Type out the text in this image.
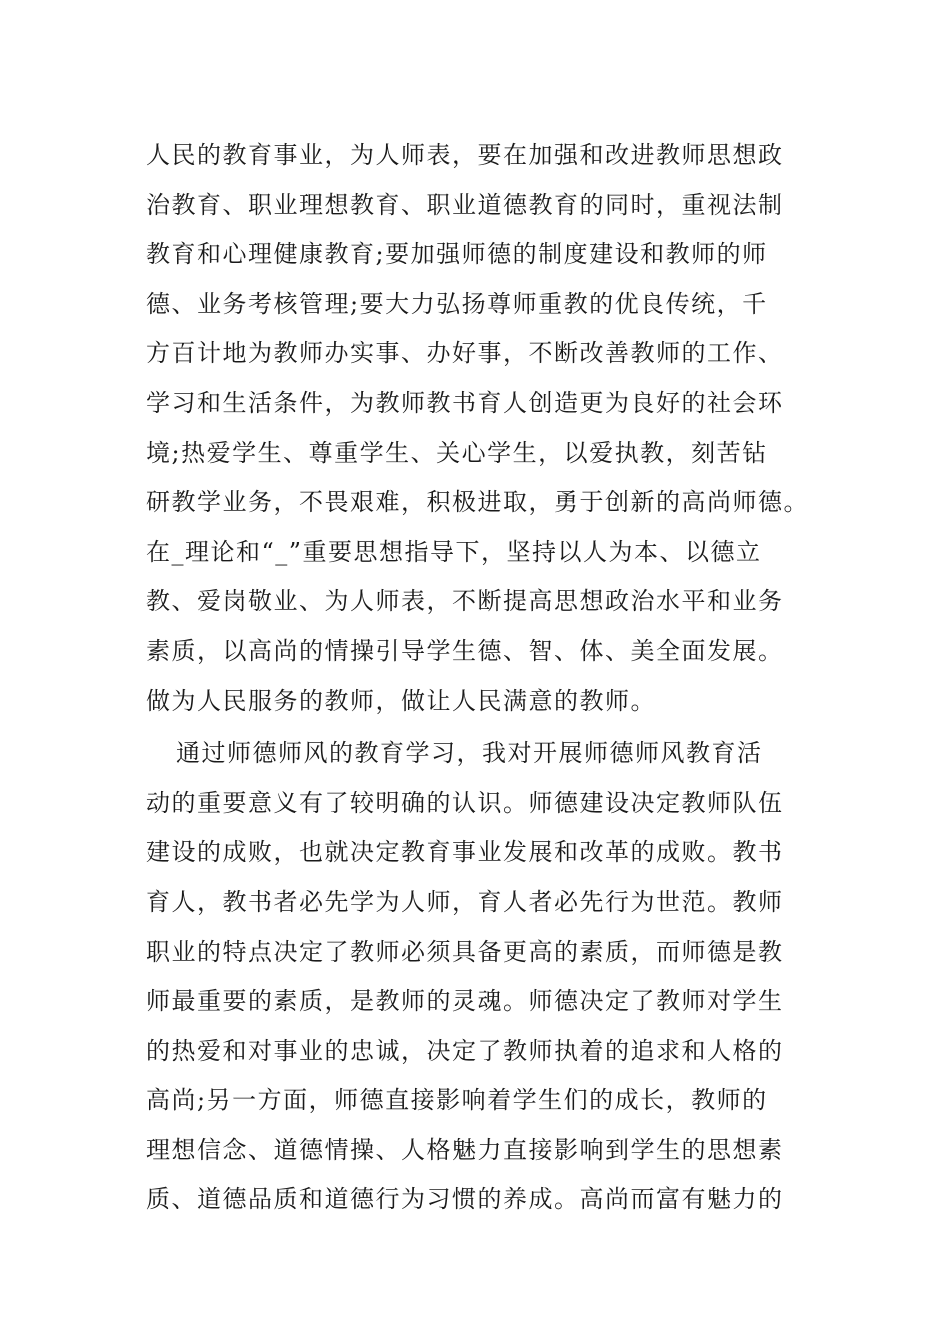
人民的教育事业，为人师表，要在加强和改进教师思想政
治教育、职业理想教育、职业道德教育的同时，重视法制
教育和心理健康教育;要加强师德的制度建设和教师的师
德、业务考核管理;要大力弘扬尊师重教的优良传统，千
方百计地为教师办实事、办好事，不断改善教师的工作、
学习和生活条件，为教师教书育人创造更为良好的社会环
境;热爱学生、尊重学生、关心学生，以爱执教，刻苦钻
研教学业务，不畏艰难，积极进取，勇于创新的高尚师德。
在_理论和“_”重要思想指导下，坚持以人为本、以德立
教、爱岗敬业、为人师表，不断提高思想政治水平和业务
素质，以高尚的情操引导学生德、智、体、美全面发展。
做为人民服务的教师，做让人民满意的教师。
通过师德师风的教育学习，我对开展师德师风教育活
动的重要意义有了较明确的认识。师德建设决定教师队伍
建设的成败，也就决定教育事业发展和改革的成败。教书
育人，教书者必先学为人师，育人者必先行为世范。教师
职业的特点决定了教师必须具备更高的素质，而师德是教
师最重要的素质，是教师的灵魂。师德决定了教师对学生
的热爱和对事业的忠诚，决定了教师执着的追求和人格的
高尚;另一方面，师德直接影响着学生们的成长，教师的
理想信念、道德情操、人格魅力直接影响到学生的思想素
质、道德品质和道德行为习惯的养成。高尚而富有魅力的
